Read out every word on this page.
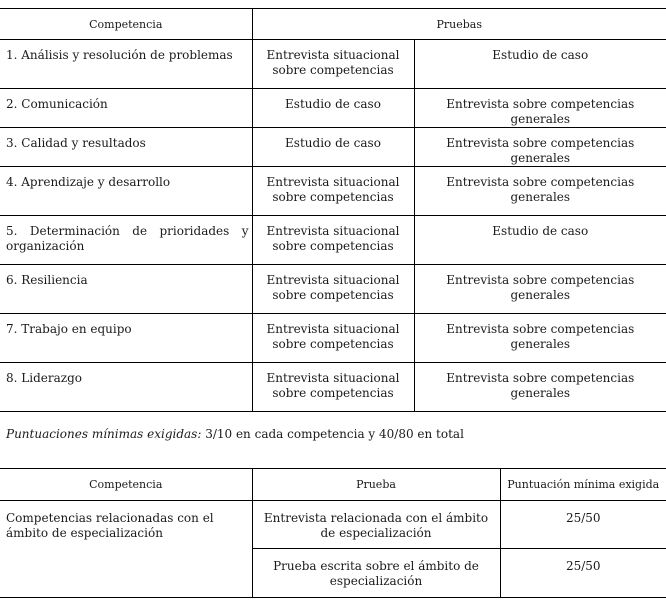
Competencia	Pruebas	
1. Análisis y resolución de problemas	Entrevista situacional sobre competencias	Estudio de caso
2. Comunicación	Estudio de caso	Entrevista sobre competencias generales
3. Calidad y resultados	Estudio de caso	Entrevista sobre competencias generales
4. Aprendizaje y desarrollo	Entrevista situacional sobre competencias	Entrevista sobre competencias generales
5. Determinación de prioridades y organización	Entrevista situacional sobre competencias	Estudio de caso
6. Resiliencia	Entrevista situacional sobre competencias	Entrevista sobre competencias generales
7. Trabajo en equipo	Entrevista situacional sobre competencias	Entrevista sobre competencias generales
8. Liderazgo	Entrevista situacional sobre competencias	Entrevista sobre competencias generales
Puntuaciones mínimas exigidas: 3/10 en cada competencia y 40/80 en total
Competencia	Prueba	Puntuación mínima exigida
Competencias relacionadas con el ámbito de especialización	Entrevista relacionada con el ámbito de especialización	25/50
	Prueba escrita sobre el ámbito de especialización	25/50
